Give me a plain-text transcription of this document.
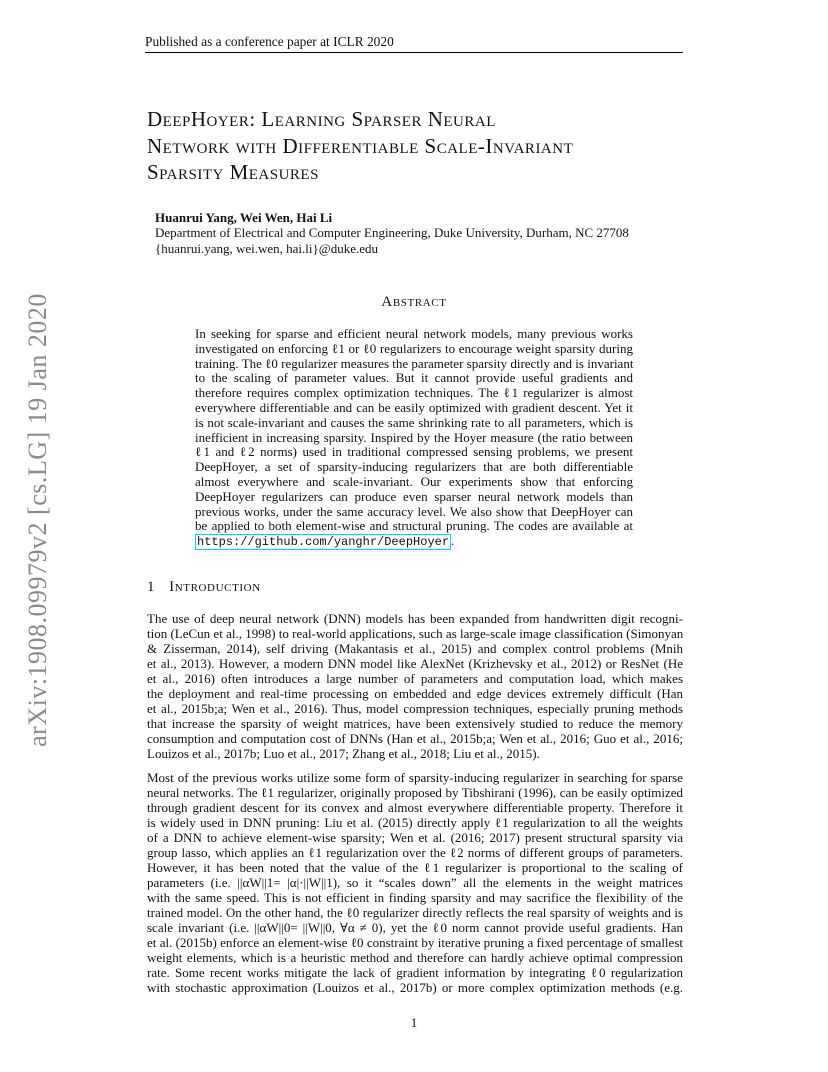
Published as a conference paper at ICLR 2020
arXiv:1908.09979v2 [cs.LG] 19 Jan 2020
DeepHoyer: Learning Sparser Neural
Network with Differentiable Scale-Invariant
Sparsity Measures
Huanrui Yang, Wei Wen, Hai Li
Department of Electrical and Computer Engineering, Duke University, Durham, NC 27708
{huanrui.yang, wei.wen, hai.li}@duke.edu
Abstract
In seeking for sparse and efficient neural network models, many previous works
investigated on enforcing ℓ1 or ℓ0 regularizers to encourage weight sparsity during
training. The ℓ0 regularizer measures the parameter sparsity directly and is invariant
to the scaling of parameter values. But it cannot provide useful gradients and
therefore requires complex optimization techniques. The ℓ1 regularizer is almost
everywhere differentiable and can be easily optimized with gradient descent. Yet it
is not scale-invariant and causes the same shrinking rate to all parameters, which is
inefficient in increasing sparsity. Inspired by the Hoyer measure (the ratio between
ℓ1 and ℓ2 norms) used in traditional compressed sensing problems, we present
DeepHoyer, a set of sparsity-inducing regularizers that are both differentiable
almost everywhere and scale-invariant. Our experiments show that enforcing
DeepHoyer regularizers can produce even sparser neural network models than
previous works, under the same accuracy level. We also show that DeepHoyer can
be applied to both element-wise and structural pruning. The codes are available at
https://github.com/yanghr/DeepHoyer .
1 Introduction
The use of deep neural network (DNN) models has been expanded from handwritten digit recogni-
tion (LeCun et al., 1998) to real-world applications, such as large-scale image classification (Simonyan
& Zisserman, 2014), self driving (Makantasis et al., 2015) and complex control problems (Mnih
et al., 2013). However, a modern DNN model like AlexNet (Krizhevsky et al., 2012) or ResNet (He
et al., 2016) often introduces a large number of parameters and computation load, which makes
the deployment and real-time processing on embedded and edge devices extremely difficult (Han
et al., 2015b;a; Wen et al., 2016). Thus, model compression techniques, especially pruning methods
that increase the sparsity of weight matrices, have been extensively studied to reduce the memory
consumption and computation cost of DNNs (Han et al., 2015b;a; Wen et al., 2016; Guo et al., 2016;
Louizos et al., 2017b; Luo et al., 2017; Zhang et al., 2018; Liu et al., 2015).
Most of the previous works utilize some form of sparsity-inducing regularizer in searching for sparse
neural networks. The ℓ1 regularizer, originally proposed by Tibshirani (1996), can be easily optimized
through gradient descent for its convex and almost everywhere differentiable property. Therefore it
is widely used in DNN pruning: Liu et al. (2015) directly apply ℓ1 regularization to all the weights
of a DNN to achieve element-wise sparsity; Wen et al. (2016; 2017) present structural sparsity via
group lasso, which applies an ℓ1 regularization over the ℓ2 norms of different groups of parameters.
However, it has been noted that the value of the ℓ1 regularizer is proportional to the scaling of
parameters (i.e. ||αW||1= |α|·||W||1), so it “scales down” all the elements in the weight matrices
with the same speed. This is not efficient in finding sparsity and may sacrifice the flexibility of the
trained model. On the other hand, the ℓ0 regularizer directly reflects the real sparsity of weights and is
scale invariant (i.e. ||αW||0= ||W||0, ∀α ≠ 0), yet the ℓ0 norm cannot provide useful gradients. Han
et al. (2015b) enforce an element-wise ℓ0 constraint by iterative pruning a fixed percentage of smallest
weight elements, which is a heuristic method and therefore can hardly achieve optimal compression
rate. Some recent works mitigate the lack of gradient information by integrating ℓ0 regularization
with stochastic approximation (Louizos et al., 2017b) or more complex optimization methods (e.g.
1
